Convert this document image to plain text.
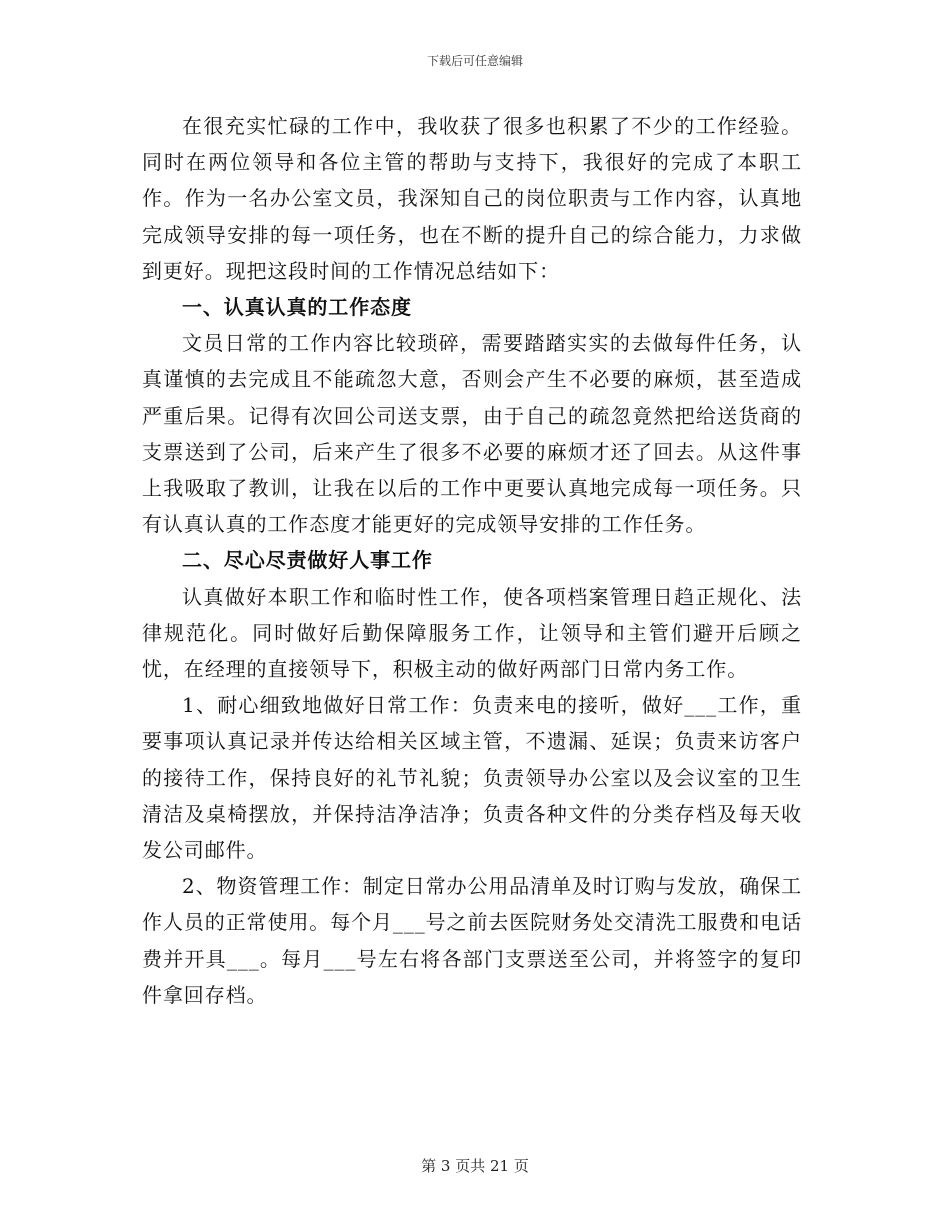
下载后可任意编辑

在很充实忙碌的工作中，我收获了很多也积累了不少的工作经验。同时在两位领导和各位主管的帮助与支持下，我很好的完成了本职工作。作为一名办公室文员，我深知自己的岗位职责与工作内容，认真地完成领导安排的每一项任务，也在不断的提升自己的综合能力，力求做到更好。现把这段时间的工作情况总结如下：

一、认真认真的工作态度

文员日常的工作内容比较琐碎，需要踏踏实实的去做每件任务，认真谨慎的去完成且不能疏忽大意，否则会产生不必要的麻烦，甚至造成严重后果。记得有次回公司送支票，由于自己的疏忽竟然把给送货商的支票送到了公司，后来产生了很多不必要的麻烦才还了回去。从这件事上我吸取了教训，让我在以后的工作中更要认真地完成每一项任务。只有认真认真的工作态度才能更好的完成领导安排的工作任务。

二、尽心尽责做好人事工作

认真做好本职工作和临时性工作，使各项档案管理日趋正规化、法律规范化。同时做好后勤保障服务工作，让领导和主管们避开后顾之忧，在经理的直接领导下，积极主动的做好两部门日常内务工作。

1、耐心细致地做好日常工作：负责来电的接听，做好___工作，重要事项认真记录并传达给相关区域主管，不遗漏、延误；负责来访客户的接待工作，保持良好的礼节礼貌；负责领导办公室以及会议室的卫生清洁及桌椅摆放，并保持洁净洁净；负责各种文件的分类存档及每天收发公司邮件。

2、物资管理工作：制定日常办公用品清单及时订购与发放，确保工作人员的正常使用。每个月___号之前去医院财务处交清洗工服费和电话费并开具___。每月___号左右将各部门支票送至公司，并将签字的复印件拿回存档。

第 3 页共 21 页
